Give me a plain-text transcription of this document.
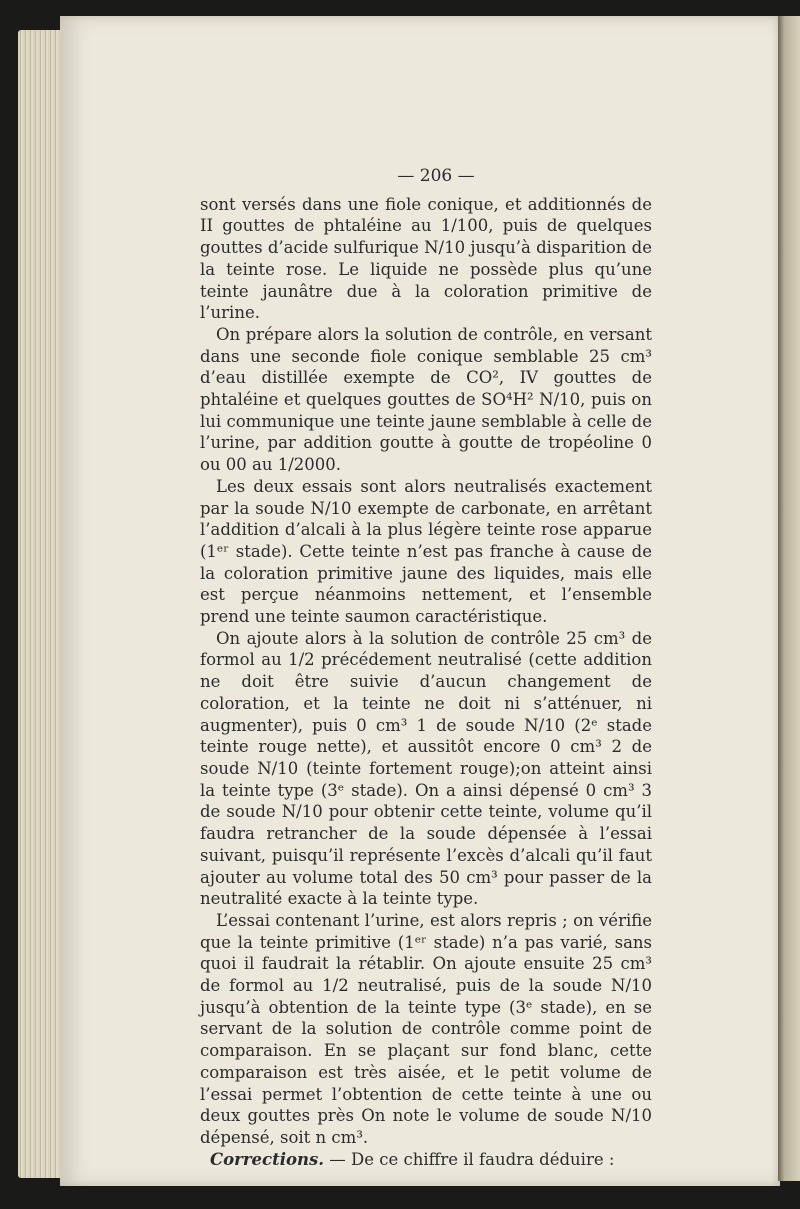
— 206 —

sont versés dans une fiole conique, et additionnés de II gouttes de phtaléine au 1/100, puis de quelques gouttes d’acide sulfurique N/10 jusqu’à disparition de la teinte rose. Le liquide ne possède plus qu’une teinte jaunâtre due à la coloration primitive de l’urine.

On prépare alors la solution de contrôle, en versant dans une seconde fiole conique semblable 25 cm³ d’eau distillée exempte de CO², IV gouttes de phtaléine et quelques gouttes de SO⁴H² N/10, puis on lui communique une teinte jaune semblable à celle de l’urine, par addition goutte à goutte de tropéoline 0 ou 00 au 1/2000.

Les deux essais sont alors neutralisés exactement par la soude N/10 exempte de carbonate, en arrêtant l’addition d’alcali à la plus légère teinte rose apparue (1ᵉʳ stade). Cette teinte n’est pas franche à cause de la coloration primitive jaune des liquides, mais elle est perçue néanmoins nettement, et l’ensemble prend une teinte saumon caractéristique.

On ajoute alors à la solution de contrôle 25 cm³ de formol au 1/2 précédement neutralisé (cette addition ne doit être suivie d’aucun changement de coloration, et la teinte ne doit ni s’atténuer, ni augmenter), puis 0 cm³ 1 de soude N/10 (2ᵉ stade teinte rouge nette), et aussitôt encore 0 cm³ 2 de soude N/10 (teinte fortement rouge);on atteint ainsi la teinte type (3ᵉ stade). On a ainsi dépensé 0 cm³ 3 de soude N/10 pour obtenir cette teinte, volume qu’il faudra retrancher de la soude dépensée à l’essai suivant, puisqu’il représente l’excès d’alcali qu’il faut ajouter au volume total des 50 cm³ pour passer de la neutralité exacte à la teinte type.

L’essai contenant l’urine, est alors repris ; on vérifie que la teinte primitive (1ᵉʳ stade) n’a pas varié, sans quoi il faudrait la rétablir. On ajoute ensuite 25 cm³ de formol au 1/2 neutralisé, puis de la soude N/10 jusqu’à obtention de la teinte type (3ᵉ stade), en se servant de la solution de contrôle comme point de comparaison. En se plaçant sur fond blanc, cette comparaison est très aisée, et le petit volume de l’essai permet l’obtention de cette teinte à une ou deux gouttes près On note le volume de soude N/10 dépensé, soit n cm³.

Corrections. — De ce chiffre il faudra déduire :
